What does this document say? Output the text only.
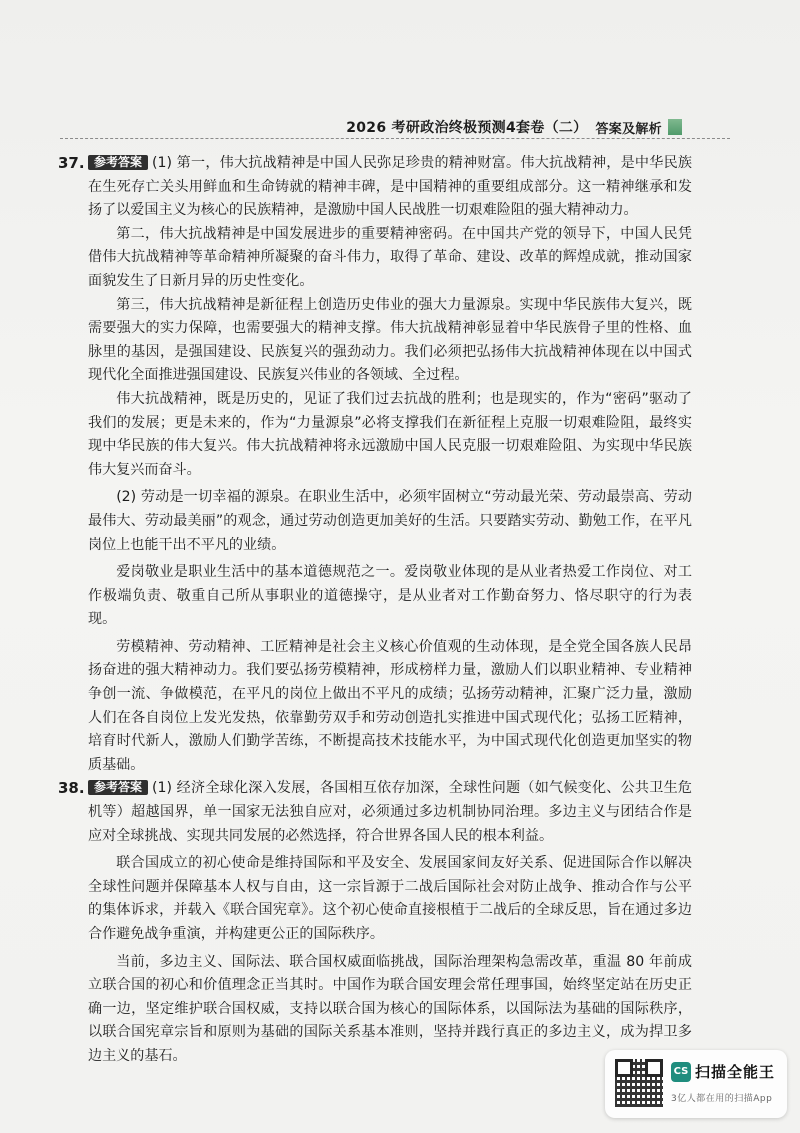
2026 考研政治终极预测4套卷（二） 答案及解析
37. 参考答案 (1) 第一，伟大抗战精神是中国人民弥足珍贵的精神财富。伟大抗战精神，是中华民族在生死存亡关头用鲜血和生命铸就的精神丰碑，是中国精神的重要组成部分。这一精神继承和发扬了以爱国主义为核心的民族精神，是激励中国人民战胜一切艰难险阻的强大精神动力。

第二，伟大抗战精神是中国发展进步的重要精神密码。在中国共产党的领导下，中国人民凭借伟大抗战精神等革命精神所凝聚的奋斗伟力，取得了革命、建设、改革的辉煌成就，推动国家面貌发生了日新月异的历史性变化。

第三，伟大抗战精神是新征程上创造历史伟业的强大力量源泉。实现中华民族伟大复兴，既需要强大的实力保障，也需要强大的精神支撑。伟大抗战精神彰显着中华民族骨子里的性格、血脉里的基因，是强国建设、民族复兴的强劲动力。我们必须把弘扬伟大抗战精神体现在以中国式现代化全面推进强国建设、民族复兴伟业的各领域、全过程。

伟大抗战精神，既是历史的，见证了我们过去抗战的胜利；也是现实的，作为“密码”驱动了我们的发展；更是未来的，作为“力量源泉”必将支撑我们在新征程上克服一切艰难险阻，最终实现中华民族的伟大复兴。伟大抗战精神将永远激励中国人民克服一切艰难险阻、为实现中华民族伟大复兴而奋斗。

(2) 劳动是一切幸福的源泉。在职业生活中，必须牢固树立“劳动最光荣、劳动最崇高、劳动最伟大、劳动最美丽”的观念，通过劳动创造更加美好的生活。只要踏实劳动、勤勉工作，在平凡岗位上也能干出不平凡的业绩。

爱岗敬业是职业生活中的基本道德规范之一。爱岗敬业体现的是从业者热爱工作岗位、对工作极端负责、敬重自己所从事职业的道德操守，是从业者对工作勤奋努力、恪尽职守的行为表现。

劳模精神、劳动精神、工匠精神是社会主义核心价值观的生动体现，是全党全国各族人民昂扬奋进的强大精神动力。我们要弘扬劳模精神，形成榜样力量，激励人们以职业精神、专业精神争创一流、争做模范，在平凡的岗位上做出不平凡的成绩；弘扬劳动精神，汇聚广泛力量，激励人们在各自岗位上发光发热，依靠勤劳双手和劳动创造扎实推进中国式现代化；弘扬工匠精神，培育时代新人，激励人们勤学苦练，不断提高技术技能水平，为中国式现代化创造更加坚实的物质基础。

38. 参考答案 (1) 经济全球化深入发展，各国相互依存加深，全球性问题（如气候变化、公共卫生危机等）超越国界，单一国家无法独自应对，必须通过多边机制协同治理。多边主义与团结合作是应对全球挑战、实现共同发展的必然选择，符合世界各国人民的根本利益。

联合国成立的初心使命是维持国际和平及安全、发展国家间友好关系、促进国际合作以解决全球性问题并保障基本人权与自由，这一宗旨源于二战后国际社会对防止战争、推动合作与公平的集体诉求，并载入《联合国宪章》。这个初心使命直接根植于二战后的全球反思，旨在通过多边合作避免战争重演，并构建更公正的国际秩序。

当前，多边主义、国际法、联合国权威面临挑战，国际治理架构急需改革，重温 80 年前成立联合国的初心和价值理念正当其时。中国作为联合国安理会常任理事国，始终坚定站在历史正确一边，坚定维护联合国权威，支持以联合国为核心的国际体系，以国际法为基础的国际秩序，以联合国宪章宗旨和原则为基础的国际关系基本准则，坚持并践行真正的多边主义，成为捍卫多边主义的基石。

CS 扫描全能王
3亿人都在用的扫描App
